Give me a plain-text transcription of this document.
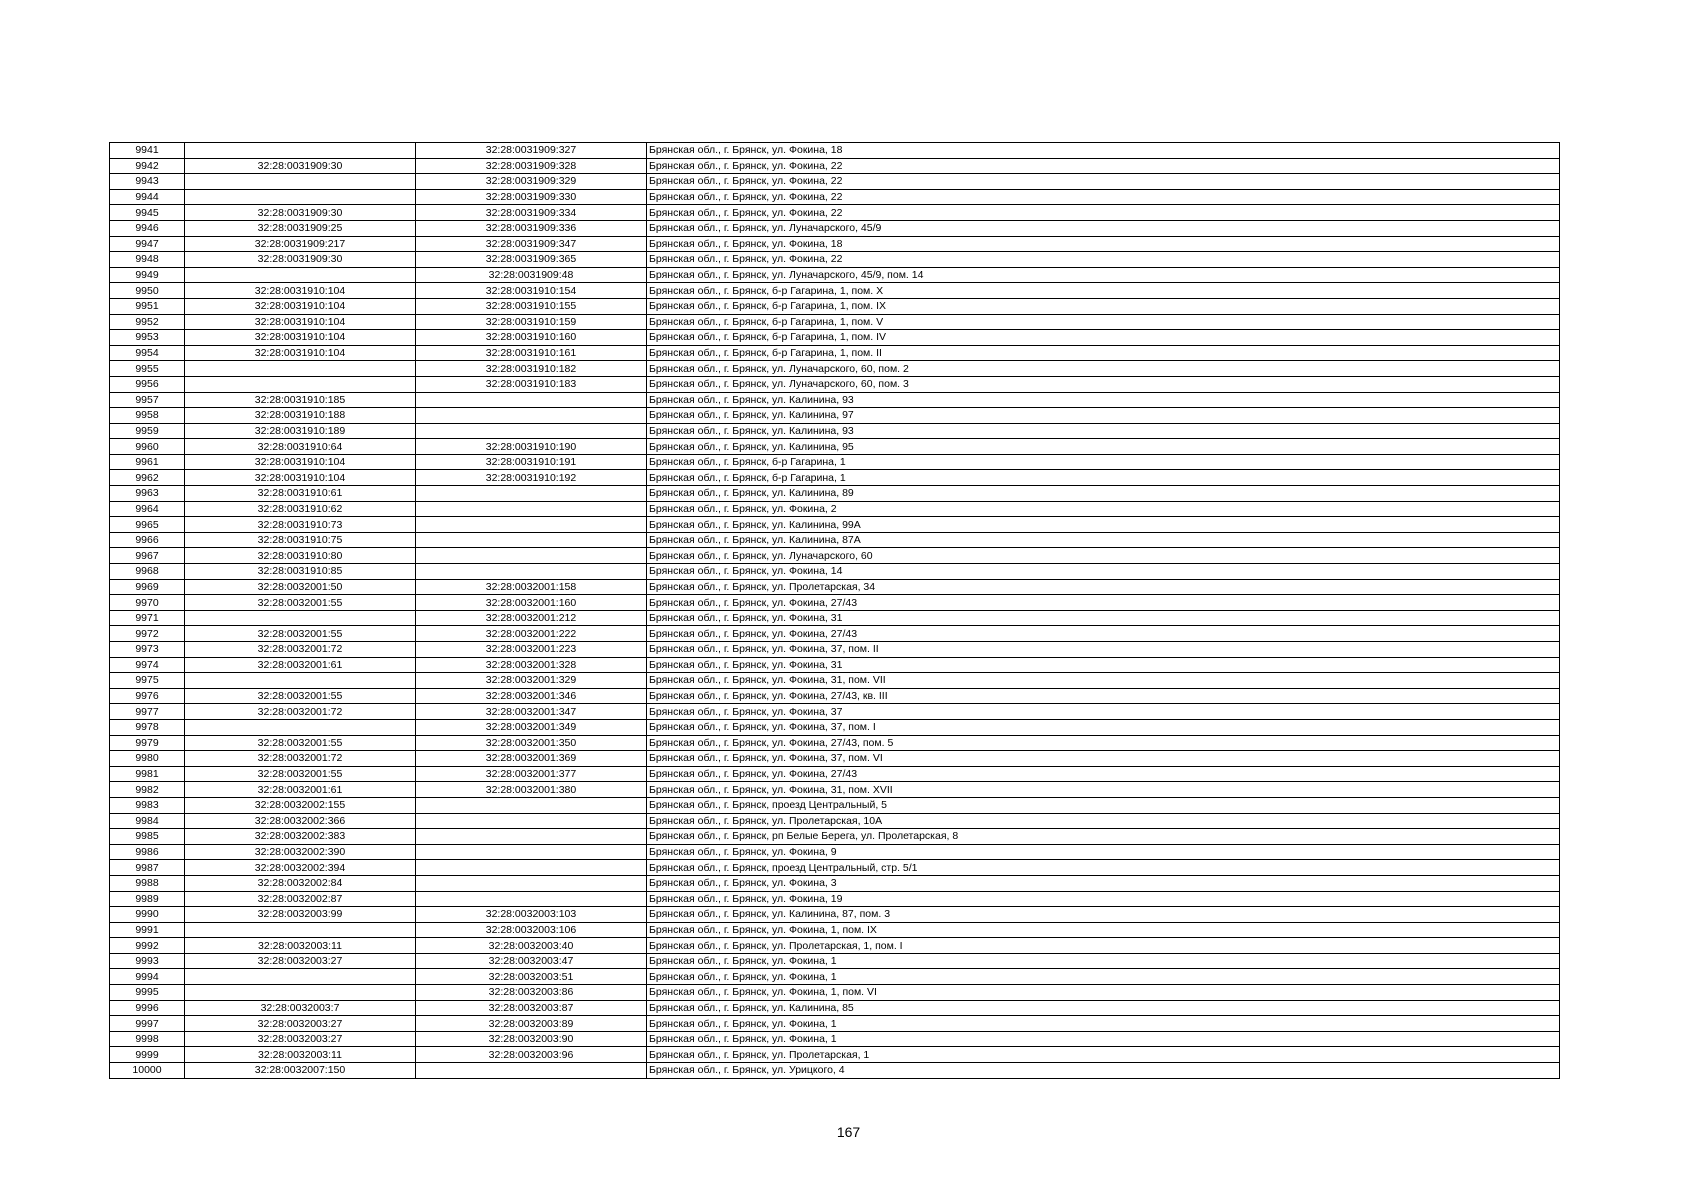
9941		32:28:0031909:327	Брянская обл., г. Брянск, ул. Фокина, 18
9942	32:28:0031909:30	32:28:0031909:328	Брянская обл., г. Брянск, ул. Фокина, 22
9943		32:28:0031909:329	Брянская обл., г. Брянск, ул. Фокина, 22
9944		32:28:0031909:330	Брянская обл., г. Брянск, ул. Фокина, 22
9945	32:28:0031909:30	32:28:0031909:334	Брянская обл., г. Брянск, ул. Фокина, 22
9946	32:28:0031909:25	32:28:0031909:336	Брянская обл., г. Брянск, ул. Луначарского, 45/9
9947	32:28:0031909:217	32:28:0031909:347	Брянская обл., г. Брянск, ул. Фокина, 18
9948	32:28:0031909:30	32:28:0031909:365	Брянская обл., г. Брянск, ул. Фокина, 22
9949		32:28:0031909:48	Брянская обл., г. Брянск, ул. Луначарского, 45/9, пом. 14
9950	32:28:0031910:104	32:28:0031910:154	Брянская обл., г. Брянск, б-р Гагарина, 1, пом. X
9951	32:28:0031910:104	32:28:0031910:155	Брянская обл., г. Брянск, б-р Гагарина, 1, пом. IX
9952	32:28:0031910:104	32:28:0031910:159	Брянская обл., г. Брянск, б-р Гагарина, 1, пом. V
9953	32:28:0031910:104	32:28:0031910:160	Брянская обл., г. Брянск, б-р Гагарина, 1, пом. IV
9954	32:28:0031910:104	32:28:0031910:161	Брянская обл., г. Брянск, б-р Гагарина, 1, пом. II
9955		32:28:0031910:182	Брянская обл., г. Брянск, ул. Луначарского, 60, пом. 2
9956		32:28:0031910:183	Брянская обл., г. Брянск, ул. Луначарского, 60, пом. 3
9957	32:28:0031910:185		Брянская обл., г. Брянск, ул. Калинина, 93
9958	32:28:0031910:188		Брянская обл., г. Брянск, ул. Калинина, 97
9959	32:28:0031910:189		Брянская обл., г. Брянск, ул. Калинина, 93
9960	32:28:0031910:64	32:28:0031910:190	Брянская обл., г. Брянск, ул. Калинина, 95
9961	32:28:0031910:104	32:28:0031910:191	Брянская обл., г. Брянск, б-р Гагарина, 1
9962	32:28:0031910:104	32:28:0031910:192	Брянская обл., г. Брянск, б-р Гагарина, 1
9963	32:28:0031910:61		Брянская обл., г. Брянск, ул. Калинина, 89
9964	32:28:0031910:62		Брянская обл., г. Брянск, ул. Фокина, 2
9965	32:28:0031910:73		Брянская обл., г. Брянск, ул. Калинина, 99А
9966	32:28:0031910:75		Брянская обл., г. Брянск, ул. Калинина, 87А
9967	32:28:0031910:80		Брянская обл., г. Брянск, ул. Луначарского, 60
9968	32:28:0031910:85		Брянская обл., г. Брянск, ул. Фокина, 14
9969	32:28:0032001:50	32:28:0032001:158	Брянская обл., г. Брянск, ул. Пролетарская, 34
9970	32:28:0032001:55	32:28:0032001:160	Брянская обл., г. Брянск, ул. Фокина, 27/43
9971		32:28:0032001:212	Брянская обл., г. Брянск, ул. Фокина, 31
9972	32:28:0032001:55	32:28:0032001:222	Брянская обл., г. Брянск, ул. Фокина, 27/43
9973	32:28:0032001:72	32:28:0032001:223	Брянская обл., г. Брянск, ул. Фокина, 37, пом. II
9974	32:28:0032001:61	32:28:0032001:328	Брянская обл., г. Брянск, ул. Фокина, 31
9975		32:28:0032001:329	Брянская обл., г. Брянск, ул. Фокина, 31, пом. VII
9976	32:28:0032001:55	32:28:0032001:346	Брянская обл., г. Брянск, ул. Фокина, 27/43, кв. III
9977	32:28:0032001:72	32:28:0032001:347	Брянская обл., г. Брянск, ул. Фокина, 37
9978		32:28:0032001:349	Брянская обл., г. Брянск, ул. Фокина, 37, пом. I
9979	32:28:0032001:55	32:28:0032001:350	Брянская обл., г. Брянск, ул. Фокина, 27/43, пом. 5
9980	32:28:0032001:72	32:28:0032001:369	Брянская обл., г. Брянск, ул. Фокина, 37, пом. VI
9981	32:28:0032001:55	32:28:0032001:377	Брянская обл., г. Брянск, ул. Фокина, 27/43
9982	32:28:0032001:61	32:28:0032001:380	Брянская обл., г. Брянск, ул. Фокина, 31, пом. XVII
9983	32:28:0032002:155		Брянская обл., г. Брянск, проезд Центральный, 5
9984	32:28:0032002:366		Брянская обл., г. Брянск, ул. Пролетарская, 10А
9985	32:28:0032002:383		Брянская обл., г. Брянск, рп Белые Берега, ул. Пролетарская, 8
9986	32:28:0032002:390		Брянская обл., г. Брянск, ул. Фокина, 9
9987	32:28:0032002:394		Брянская обл., г. Брянск, проезд Центральный, стр. 5/1
9988	32:28:0032002:84		Брянская обл., г. Брянск, ул. Фокина, 3
9989	32:28:0032002:87		Брянская обл., г. Брянск, ул. Фокина, 19
9990	32:28:0032003:99	32:28:0032003:103	Брянская обл., г. Брянск, ул. Калинина, 87, пом. 3
9991		32:28:0032003:106	Брянская обл., г. Брянск, ул. Фокина, 1, пом. IX
9992	32:28:0032003:11	32:28:0032003:40	Брянская обл., г. Брянск, ул. Пролетарская, 1, пом. I
9993	32:28:0032003:27	32:28:0032003:47	Брянская обл., г. Брянск, ул. Фокина, 1
9994		32:28:0032003:51	Брянская обл., г. Брянск, ул. Фокина, 1
9995		32:28:0032003:86	Брянская обл., г. Брянск, ул. Фокина, 1, пом. VI
9996	32:28:0032003:7	32:28:0032003:87	Брянская обл., г. Брянск, ул. Калинина, 85
9997	32:28:0032003:27	32:28:0032003:89	Брянская обл., г. Брянск, ул. Фокина, 1
9998	32:28:0032003:27	32:28:0032003:90	Брянская обл., г. Брянск, ул. Фокина, 1
9999	32:28:0032003:11	32:28:0032003:96	Брянская обл., г. Брянск, ул. Пролетарская, 1
10000	32:28:0032007:150		Брянская обл., г. Брянск, ул. Урицкого, 4
167
